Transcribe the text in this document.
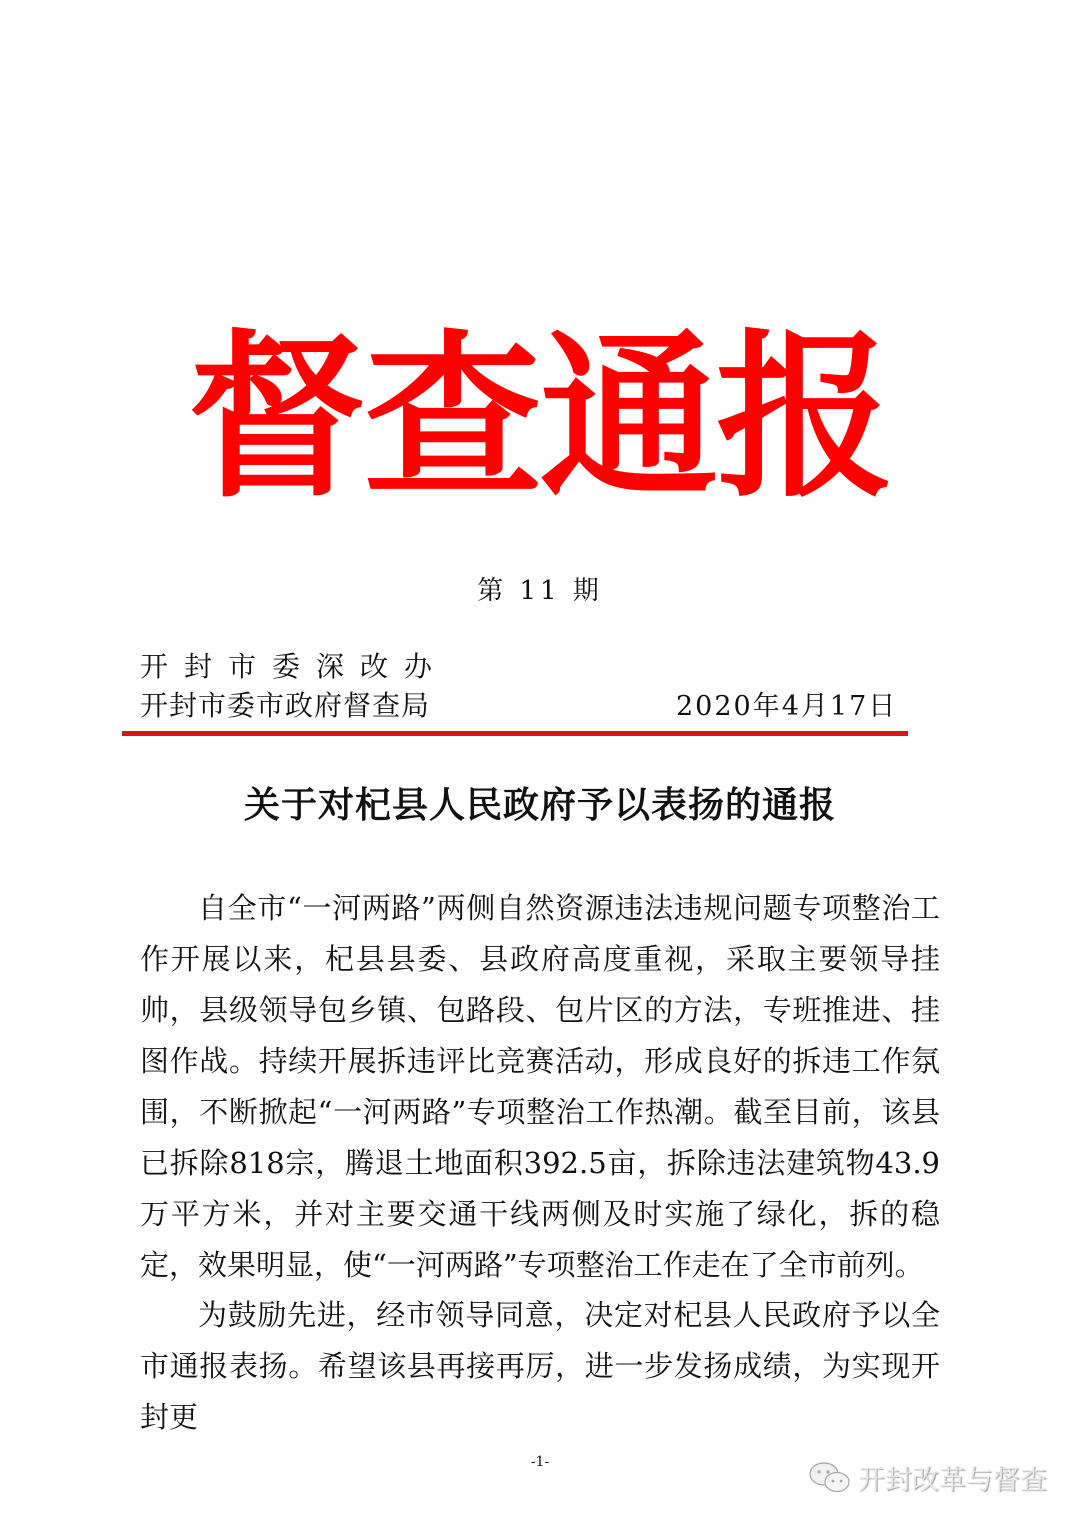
督查通报
第 11 期
开封市委深改办
开封市委市政府督查局	2020年4月17日
关于对杞县人民政府予以表扬的通报

自全市“一河两路”两侧自然资源违法违规问题专项整治工作开展以来，杞县县委、县政府高度重视，采取主要领导挂帅，县级领导包乡镇、包路段、包片区的方法，专班推进、挂图作战。持续开展拆违评比竞赛活动，形成良好的拆违工作氛围，不断掀起“一河两路”专项整治工作热潮。截至目前，该县已拆除818宗，腾退土地面积392.5亩，拆除违法建筑物43.9万平方米，并对主要交通干线两侧及时实施了绿化，拆的稳定，效果明显，使“一河两路”专项整治工作走在了全市前列。

为鼓励先进，经市领导同意，决定对杞县人民政府予以全市通报表扬。希望该县再接再厉，进一步发扬成绩，为实现开封更

-1-
开封改革与督查
